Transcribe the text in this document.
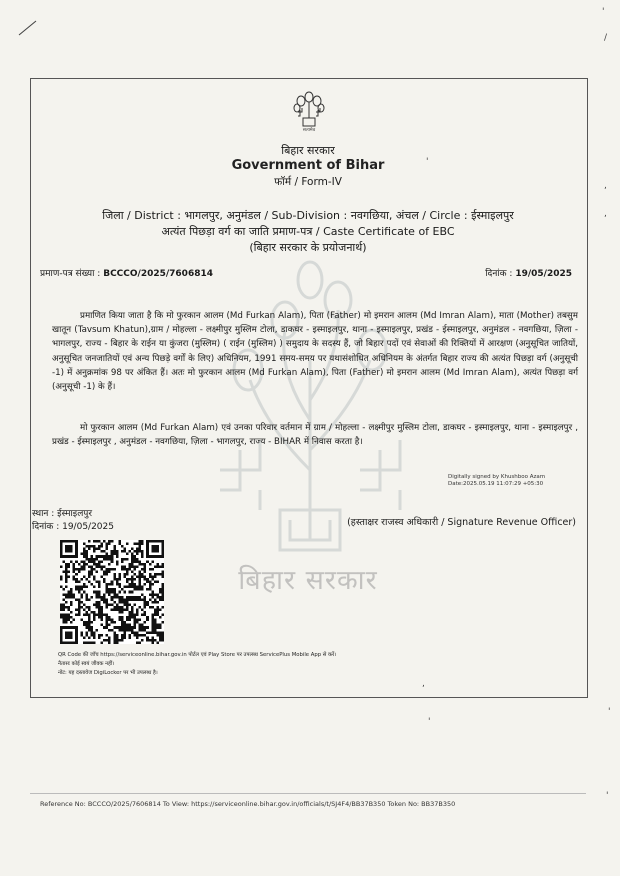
बिहार सरकार
'
/
,
,
'
,
'
'
'
सत्यमेव
बिहार सरकार
Government of Bihar
फॉर्म / Form-IV
जिला / District : भागलपुर, अनुमंडल / Sub-Division : नवगछिया, अंचल / Circle : ईस्माइलपुर
अत्यंत पिछड़ा वर्ग का जाति प्रमाण-पत्र / Caste Certificate of EBC
(बिहार सरकार के प्रयोजनार्थ)
प्रमाण-पत्र संख्या : BCCCO/2025/7606814	दिनांक : 19/05/2025
प्रमाणित किया जाता है कि मो फुरकान आलम (Md Furkan Alam), पिता (Father) मो इमरान आलम (Md Imran Alam), माता (Mother) तबसुम खातून (Tavsum Khatun),ग्राम / मोहल्ला - लक्ष्मीपुर मुस्लिम टोला, डाकघर - इस्माइलपुर, थाना - इस्माइलपुर, प्रखंड - ईस्माइलपुर, अनुमंडल - नवगछिया, ज़िला - भागलपुर, राज्य - बिहार के राईन या कुंजरा (मुस्लिम) ( राईन (मुस्लिम) ) समुदाय के सदस्य हैं, जो बिहार पदों एवं सेवाओं की रिक्तियों में आरक्षण (अनुसूचित जातियों, अनुसूचित जनजातियों एवं अन्य पिछड़े वर्गों के लिए) अधिनियम, 1991 समय-समय पर यथासंशोधित अधिनियम के अंतर्गत बिहार राज्य की अत्यंत पिछड़ा वर्ग (अनुसूची -1) में अनुक्रमांक 98 पर अंकित हैं। अतः मो फुरकान आलम (Md Furkan Alam), पिता (Father) मो इमरान आलम (Md Imran Alam), अत्यंत पिछड़ा वर्ग (अनुसूची -1) के हैं।
मो फुरकान आलम (Md Furkan Alam) एवं उनका परिवार वर्तमान में ग्राम / मोहल्ला - लक्ष्मीपुर मुस्लिम टोला, डाकघर - इस्माइलपुर, थाना - इस्माइलपुर , प्रखंड - ईस्माइलपुर , अनुमंडल - नवगछिया, ज़िला - भागलपुर, राज्य - BIHAR में निवास करता है।
Digitally signed by Khushboo Azam
Date:2025.05.19 11:07:29 +05:30
स्थान : ईस्माइलपुर
दिनांक : 19/05/2025	(हस्ताक्षर राजस्व अधिकारी / Signature Revenue Officer)
QR Code की जाँच https://serviceonline.bihar.gov.in पोर्टल एवं Play Store पर उपलब्ध ServicePlus Mobile App से करें।
नैतासः कोई स्वयं जीवक नहीं।
नोट: यह दस्तावेज DigiLocker पर भी उपलब्ध है।
Reference No: BCCCO/2025/7606814 To View: https://serviceonline.bihar.gov.in/officials/t/SJ4F4/BB37B350 Token No: BB37B350
